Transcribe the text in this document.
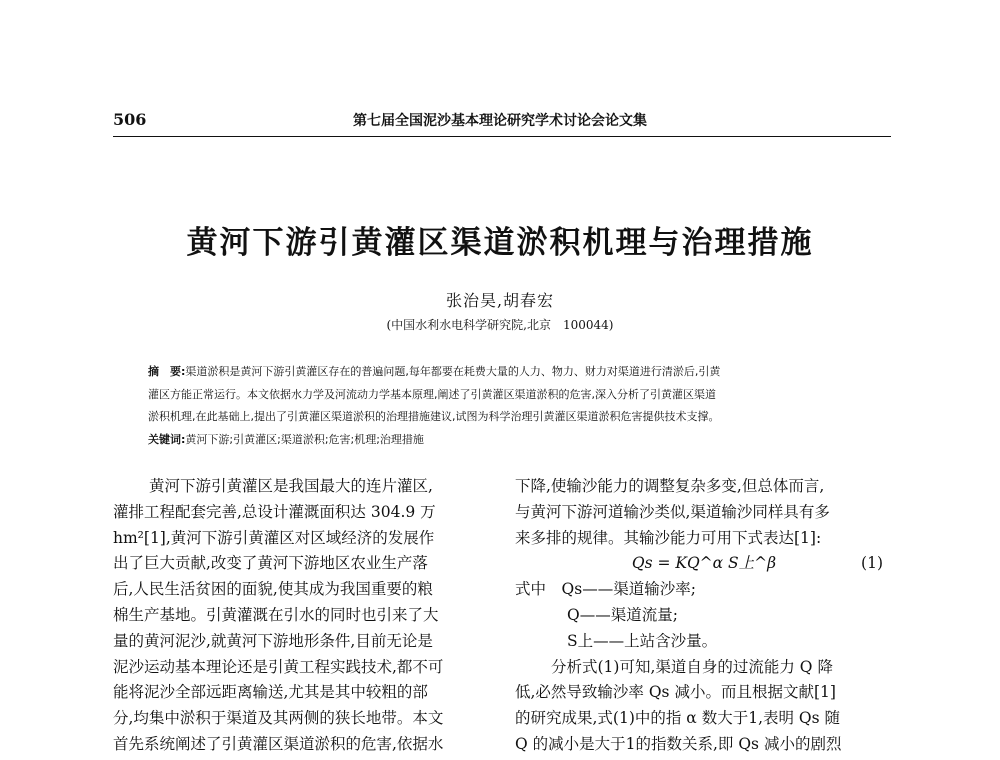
506	第七届全国泥沙基本理论研究学术讨论会论文集
黄河下游引黄灌区渠道淤积机理与治理措施
张治昊,胡春宏
(中国水利水电科学研究院,北京　100044)
摘　要:渠道淤积是黄河下游引黄灌区存在的普遍问题,每年都要在耗费大量的人力、物力、财力对渠道进行清淤后,引黄
灌区方能正常运行。本文依据水力学及河流动力学基本原理,阐述了引黄灌区渠道淤积的危害,深入分析了引黄灌区渠道
淤积机理,在此基础上,提出了引黄灌区渠道淤积的治理措施建议,试图为科学治理引黄灌区渠道淤积危害提供技术支撑。
关键词:黄河下游;引黄灌区;渠道淤积;危害;机理;治理措施
黄河下游引黄灌区是我国最大的连片灌区,
灌排工程配套完善,总设计灌溉面积达 304.9 万
hm²[1],黄河下游引黄灌区对区域经济的发展作
出了巨大贡献,改变了黄河下游地区农业生产落
后,人民生活贫困的面貌,使其成为我国重要的粮
棉生产基地。引黄灌溉在引水的同时也引来了大
量的黄河泥沙,就黄河下游地形条件,目前无论是
泥沙运动基本理论还是引黄工程实践技术,都不可
能将泥沙全部远距离输送,尤其是其中较粗的部
分,均集中淤积于渠道及其两侧的狭长地带。本文
首先系统阐述了引黄灌区渠道淤积的危害,依据水
下降,使输沙能力的调整复杂多变,但总体而言,
与黄河下游河道输沙类似,渠道输沙同样具有多
来多排的规律。其输沙能力可用下式表达[1]:
Qs = KQ^α S上^β	(1)
式中　 Qs——渠道输沙率;
Q——渠道流量;
S上——上站含沙量。
分析式(1)可知,渠道自身的过流能力 Q 降
低,必然导致输沙率 Qs 减小。而且根据文献[1]
的研究成果,式(1)中的指 α 数大于1,表明 Qs 随
Q 的减小是大于1的指数关系,即 Qs 减小的剧烈
